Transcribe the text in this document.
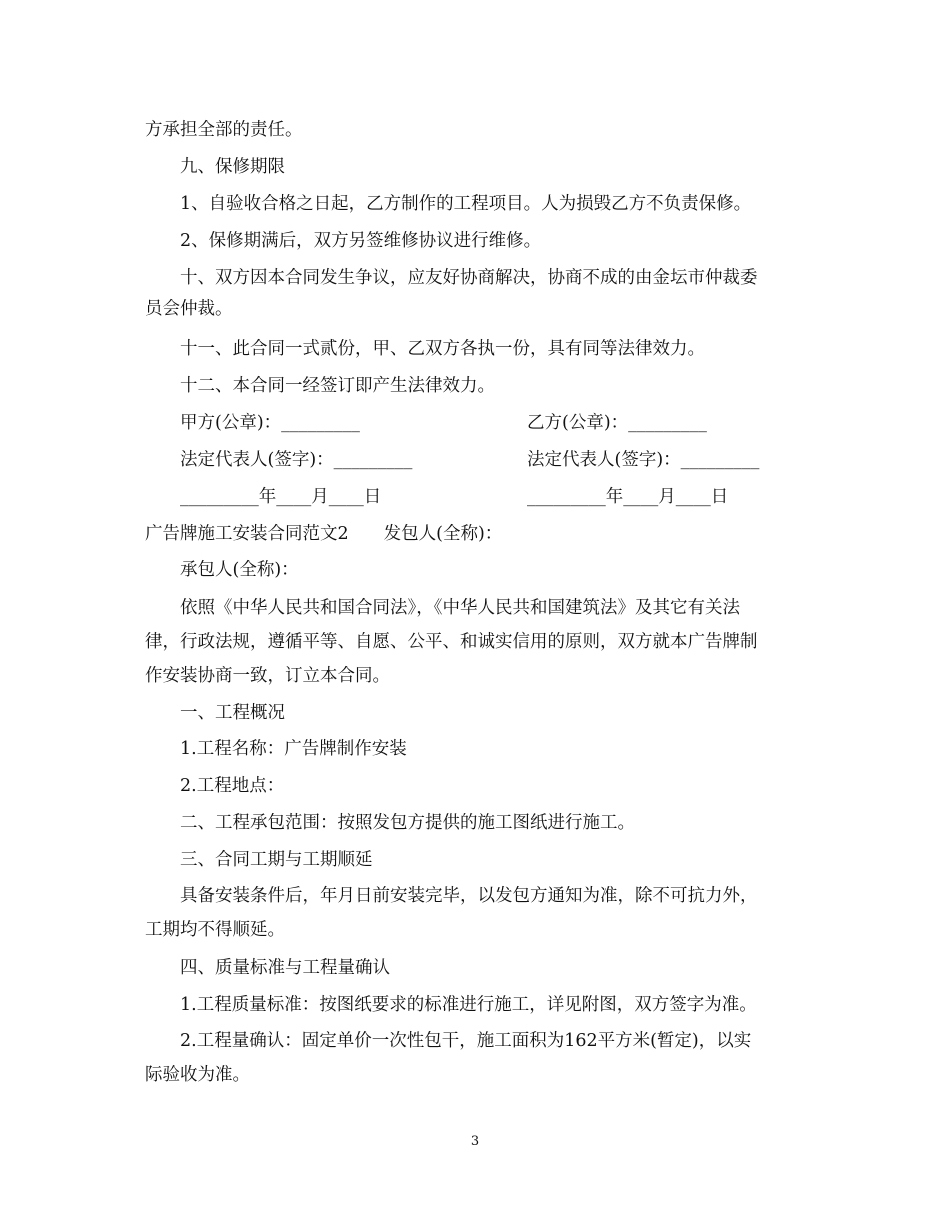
方承担全部的责任。
九、保修期限
1、自验收合格之日起，乙方制作的工程项目。人为损毁乙方不负责保修。
2、保修期满后，双方另签维修协议进行维修。
十、双方因本合同发生争议，应友好协商解决，协商不成的由金坛市仲裁委
员会仲裁。
十一、此合同一式贰份，甲、乙双方各执一份，具有同等法律效力。
十二、本合同一经签订即产生法律效力。
甲方(公章)：_________	乙方(公章)：_________
法定代表人(签字)：_________	法定代表人(签字)：_________
_________年____月____日	_________年____月____日
广告牌施工安装合同范文2　　发包人(全称)：
承包人(全称)：
依照《中华人民共和国合同法》，《中华人民共和国建筑法》及其它有关法
律，行政法规，遵循平等、自愿、公平、和诚实信用的原则，双方就本广告牌制
作安装协商一致，订立本合同。
一、工程概况
1.工程名称：广告牌制作安装
2.工程地点：
二、工程承包范围：按照发包方提供的施工图纸进行施工。
三、合同工期与工期顺延
具备安装条件后，年月日前安装完毕，以发包方通知为准，除不可抗力外，
工期均不得顺延。
四、质量标准与工程量确认
1.工程质量标准：按图纸要求的标准进行施工，详见附图，双方签字为准。
2.工程量确认：固定单价一次性包干，施工面积为162平方米(暂定)，以实
际验收为准。
3
